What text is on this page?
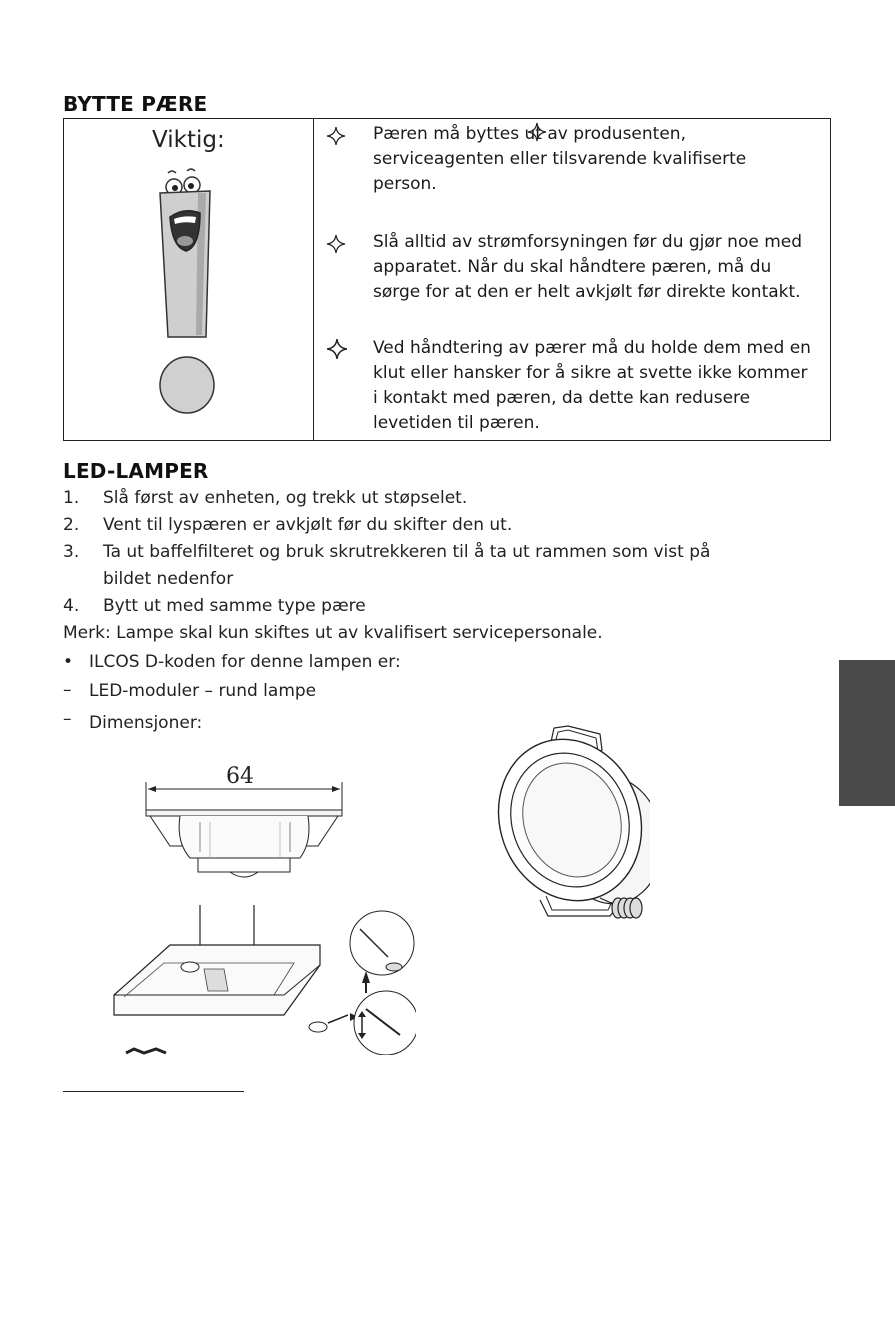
BYTTE PÆRE
Viktig:	Pæren må byttes ut av produsenten, serviceagenten eller tilsvarende kvalifiserte person.
Slå alltid av strømforsyningen før du gjør noe med apparatet. Når du skal håndtere pæren, må du sørge for at den er helt avkjølt før direkte kontakt.
Ved håndtering av pærer må du holde dem med en klut eller hansker for å sikre at svette ikke kommer i kontakt med pæren, da dette kan redusere levetiden til pæren.
LED-LAMPER
1. Slå først av enheten, og trekk ut støpselet.
2. Vent til lyspæren er avkjølt før du skifter den ut.
3. Ta ut baffelfilteret og bruk skrutrekkeren til å ta ut rammen som vist på
bildet nedenfor
4. Bytt ut med samme type pære
Merk: Lampe skal kun skiftes ut av kvalifisert servicepersonale.
• ILCOS D-koden for denne lampen er:
– LED-moduler – rund lampe
– Dimensjoner:
64
